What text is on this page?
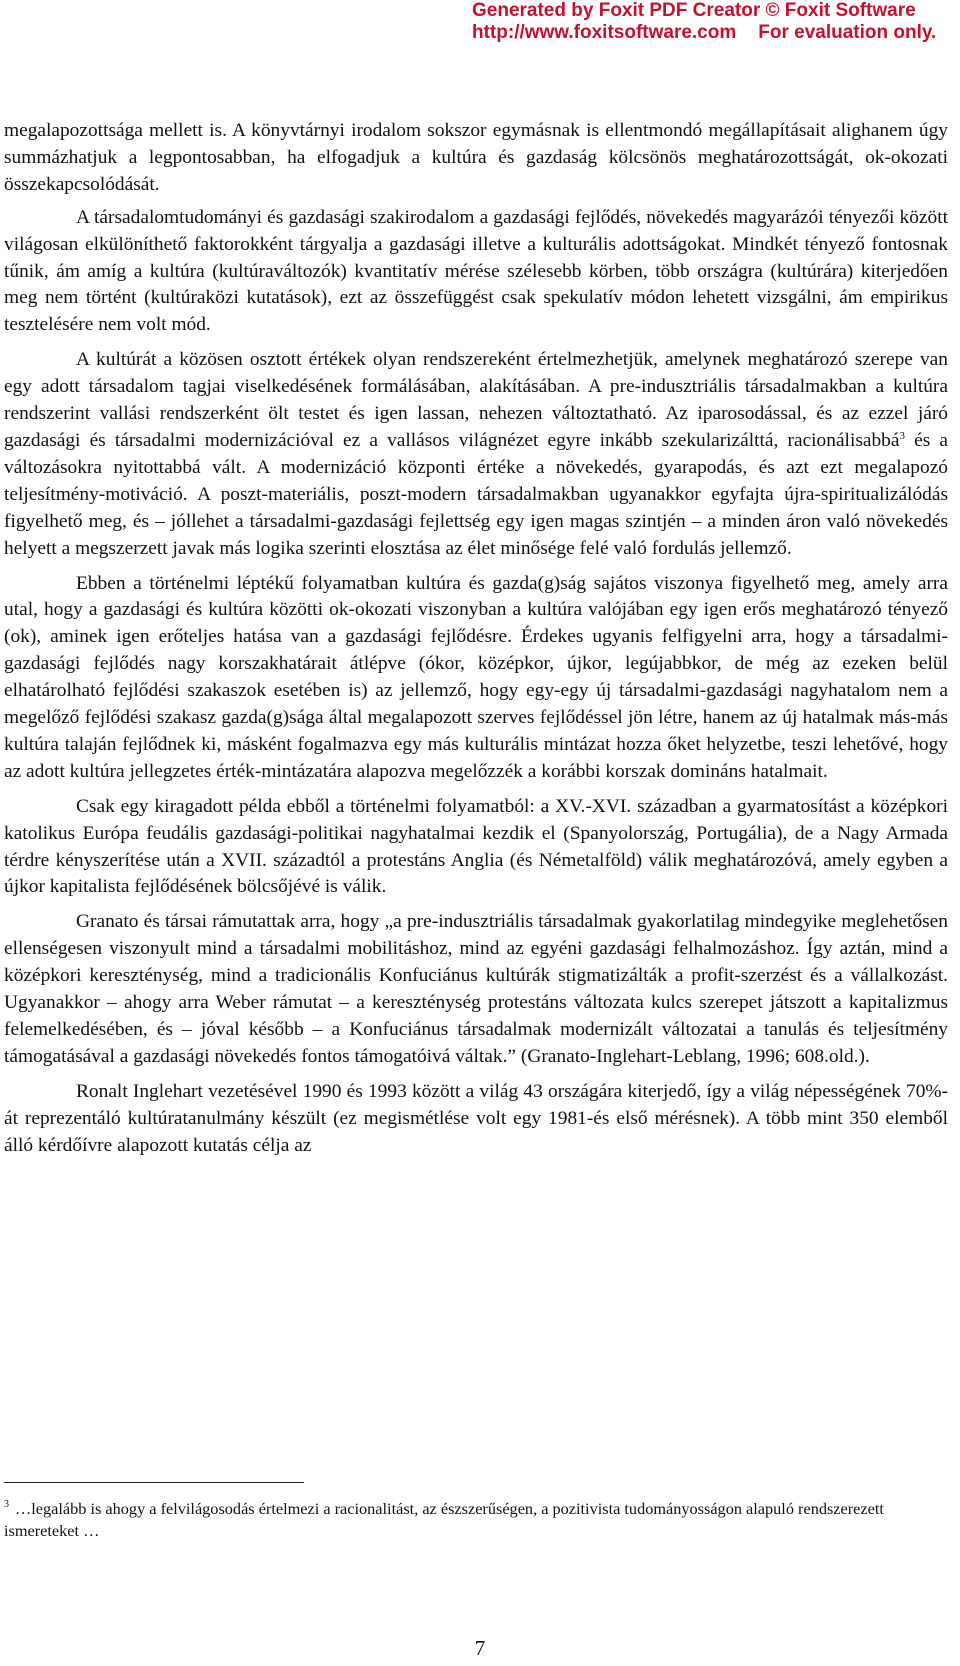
Generated by Foxit PDF Creator © Foxit Software
http://www.foxitsoftware.com For evaluation only.

megalapozottsága mellett is. A könyvtárnyi irodalom sokszor egymásnak is ellentmondó megállapításait alighanem úgy summázhatjuk a legpontosabban, ha elfogadjuk a kultúra és gazdaság kölcsönös meghatározottságát, ok-okozati összekapcsolódását.

A társadalomtudományi és gazdasági szakirodalom a gazdasági fejlődés, növekedés magyarázói tényezői között világosan elkülöníthető faktorokként tárgyalja a gazdasági illetve a kulturális adottságokat. Mindkét tényező fontosnak tűnik, ám amíg a kultúra (kultúraváltozók) kvantitatív mérése szélesebb körben, több országra (kultúrára) kiterjedően meg nem történt (kultúraközi kutatások), ezt az összefüggést csak spekulatív módon lehetett vizsgálni, ám empirikus tesztelésére nem volt mód.

A kultúrát a közösen osztott értékek olyan rendszereként értelmezhetjük, amelynek meghatározó szerepe van egy adott társadalom tagjai viselkedésének formálásában, alakításában. A pre-indusztriális társadalmakban a kultúra rendszerint vallási rendszerként ölt testet és igen lassan, nehezen változtatható. Az iparosodással, és az ezzel járó gazdasági és társadalmi modernizációval ez a vallásos világnézet egyre inkább szekularizálttá, racionálisabbá$^3$ és a változásokra nyitottabbá vált. A modernizáció központi értéke a növekedés, gyarapodás, és azt ezt megalapozó teljesítmény-motiváció. A poszt-materiális, poszt-modern társadalmakban ugyanakkor egyfajta újra-spiritualizálódás figyelhető meg, és – jóllehet a társadalmi-gazdasági fejlettség egy igen magas szintjén – a minden áron való növekedés helyett a megszerzett javak más logika szerinti elosztása az élet minősége felé való fordulás jellemző.

Ebben a történelmi léptékű folyamatban kultúra és gazda(g)ság sajátos viszonya figyelhető meg, amely arra utal, hogy a gazdasági és kultúra közötti ok-okozati viszonyban a kultúra valójában egy igen erős meghatározó tényező (ok), aminek igen erőteljes hatása van a gazdasági fejlődésre. Érdekes ugyanis felfigyelni arra, hogy a társadalmi-gazdasági fejlődés nagy korszakhatárait átlépve (ókor, középkor, újkor, legújabbkor, de még az ezeken belül elhatárolható fejlődési szakaszok esetében is) az jellemző, hogy egy-egy új társadalmi-gazdasági nagyhatalom nem a megelőző fejlődési szakasz gazda(g)sága által megalapozott szerves fejlődéssel jön létre, hanem az új hatalmak más-más kultúra talaján fejlődnek ki, másként fogalmazva egy más kulturális mintázat hozza őket helyzetbe, teszi lehetővé, hogy az adott kultúra jellegzetes érték-mintázatára alapozva megelőzzék a korábbi korszak domináns hatalmait.

Csak egy kiragadott példa ebből a történelmi folyamatból: a XV.-XVI. században a gyarmatosítást a középkori katolikus Európa feudális gazdasági-politikai nagyhatalmai kezdik el (Spanyolország, Portugália), de a Nagy Armada térdre kényszerítése után a XVII. századtól a protestáns Anglia (és Németalföld) válik meghatározóvá, amely egyben a újkor kapitalista fejlődésének bölcsőjévé is válik.

Granato és társai rámutattak arra, hogy „a pre-indusztriális társadalmak gyakorlatilag mindegyike meglehetősen ellenségesen viszonyult mind a társadalmi mobilitáshoz, mind az egyéni gazdasági felhalmozáshoz. Így aztán, mind a középkori kereszténység, mind a tradicionális Konfuciánus kultúrák stigmatizálták a profit-szerzést és a vállalkozást. Ugyanakkor – ahogy arra Weber rámutat – a kereszténység protestáns változata kulcs szerepet játszott a kapitalizmus felemelkedésében, és – jóval később – a Konfuciánus társadalmak modernizált változatai a tanulás és teljesítmény támogatásával a gazdasági növekedés fontos támogatóivá váltak.” (Granato-Inglehart-Leblang, 1996; 608.old.).

Ronalt Inglehart vezetésével 1990 és 1993 között a világ 43 országára kiterjedő, így a világ népességének 70%-át reprezentáló kultúratanulmány készült (ez megismétlése volt egy 1981-és első mérésnek). A több mint 350 elemből álló kérdőívre alapozott kutatás célja az

$^3$ …legalább is ahogy a felvilágosodás értelmezi a racionalitást, az észszerűségen, a pozitivista tudományosságon alapuló rendszerezett ismereteket …
7
